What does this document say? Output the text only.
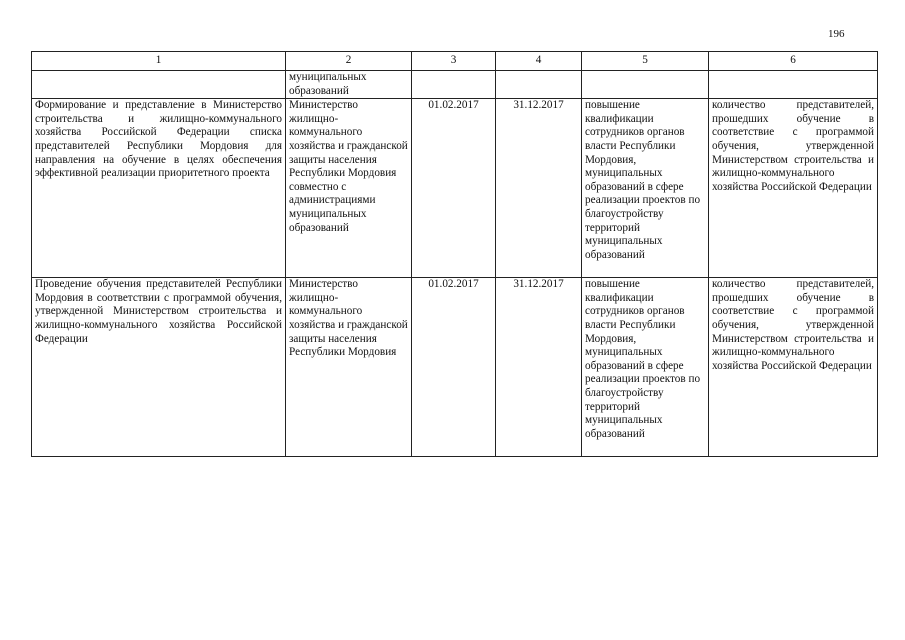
196
1	2	3	4	5	6
	муниципальных образований				
Формирование и представление в Министерство строительства и жилищно-коммунального хозяйства Российской Федерации списка представителей Республики Мордовия для направления на обучение в целях обеспечения эффективной реализации приоритетного проекта	Министерство жилищно-коммунального хозяйства и гражданской защиты населения Республики Мордовия совместно с администрациями муниципальных образований	01.02.2017	31.12.2017	повышение квалификации сотрудников органов власти Республики Мордовия, муниципальных образований в сфере реализации проектов по благоустройству территорий муниципальных образований	количество представителей, прошедших обучение в соответствие с программой обучения, утвержденной Министерством строительства и жилищно-коммунального хозяйства Российской Федерации
Проведение обучения представителей Республики Мордовия в соответствии с программой обучения, утвержденной Министерством строительства и жилищно-коммунального хозяйства Российской Федерации	Министерство жилищно-коммунального хозяйства и гражданской защиты населения Республики Мордовия	01.02.2017	31.12.2017	повышение квалификации сотрудников органов власти Республики Мордовия, муниципальных образований в сфере реализации проектов по благоустройству территорий муниципальных образований	количество представителей, прошедших обучение в соответствие с программой обучения, утвержденной Министерством строительства и жилищно-коммунального хозяйства Российской Федерации
